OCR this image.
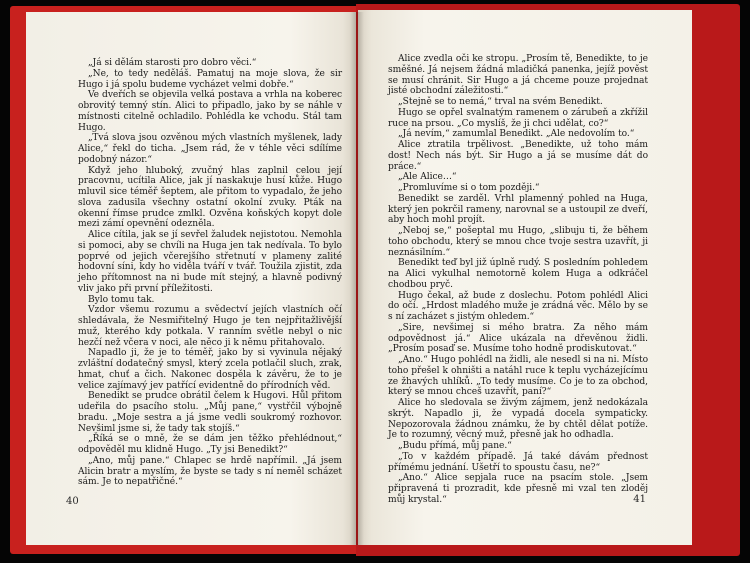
„Já si dělám starosti pro dobro věci.“

„Ne, to tedy neděláš. Pamatuj na moje slova, že sir Hugo i já spolu budeme vycházet velmi dobře.“

Ve dveřích se objevila velká postava a vrhla na koberec obrovitý temný stín. Alici to připadlo, jako by se náhle v místnosti citelně ochladilo. Pohlédla ke vchodu. Stál tam Hugo.

„Tvá slova jsou ozvěnou mých vlastních myšlenek, lady Alice,“ řekl do ticha. „Jsem rád, že v téhle věci sdílíme podobný názor.“

Když jeho hluboký, zvučný hlas zaplnil celou její pracovnu, ucítila Alice, jak jí naskakuje husí kůže. Hugo mluvil sice téměř šeptem, ale přitom to vypadalo, že jeho slova zadusila všechny ostatní okolní zvuky. Pták na okenní římse prudce zmlkl. Ozvěna koňských kopyt dole mezi zámí opevnění odezněla.

Alice cítila, jak se jí sevřel žaludek nejistotou. Nemohla si pomoci, aby se chvíli na Huga jen tak nedívala. To bylo poprvé od jejich včerejšího střetnutí v plameny zalité hodovní síni, kdy ho viděla tváří v tvář. Toužila zjistit, zda jeho přítomnost na ni bude mít stejný, a hlavně podivný vliv jako při první příležitosti.

Bylo tomu tak.

Vzdor všemu rozumu a svědectví jejích vlastních očí shledávala, že Nesmiřitelný Hugo je ten nejpřitažlivější muž, kterého kdy potkala. V ranním světle nebyl o nic hezčí než včera v noci, ale něco ji k němu přitahovalo.

Napadlo ji, že je to téměř, jako by si vyvinula nějaký zvláštní dodatečný smysl, který zcela potlačil sluch, zrak, hmat, chuť a čich. Nakonec dospěla k závěru, že to je velice zajímavý jev patřící evidentně do přírodních věd.

Benedikt se prudce obrátil čelem k Hugovi. Hůl přitom udeřila do psacího stolu. „Můj pane,“ vystřčil výbojně bradu. „Moje sestra a já jsme vedli soukromý rozhovor. Nevšiml jsme si, že tady tak stojíš.“

„Říká se o mně, že se dám jen těžko přehlédnout,“ odpověděl mu klidně Hugo. „Ty jsi Benedikt?“

„Ano, můj pane.“ Chlapec se hrdě napřímil. „Já jsem Alicin bratr a myslím, že byste se tady s ní neměl scházet sám. Je to nepatřičné.“

40

Alice zvedla oči ke stropu. „Prosím tě, Benedikte, to je směšné. Já nejsem žádná mladičká panenka, jejíž pověst se musí chránit. Sir Hugo a já chceme pouze projednat jisté obchodní záležitosti.“

„Stejně se to nemá,“ trval na svém Benedikt.

Hugo se opřel svalnatým ramenem o zárubeň a zkřížil ruce na prsou. „Co myslíš, že ji chci udělat, co?“

„Já nevím,“ zamumlal Benedikt. „Ale nedovolím to.“

Alice ztratila trpělivost. „Benedikte, už toho mám dost! Nech nás být. Sir Hugo a já se musíme dát do práce.“

„Ale Alice…“

„Promluvíme si o tom později.“

Benedikt se zarděl. Vrhl plamenný pohled na Huga, který jen pokrčil rameny, narovnal se a ustoupil ze dveří, aby hoch mohl projít.

„Neboj se,“ pošeptal mu Hugo, „slibuju ti, že během toho obchodu, který se mnou chce tvoje sestra uzavřít, ji neznásilním.“

Benedikt teď byl již úplně rudý. S posledním pohledem na Alici vykulhal nemotorně kolem Huga a odkráčel chodbou pryč.

Hugo čekal, až bude z doslechu. Potom pohlédl Alici do očí. „Hrdost mladého muže je zrádná věc. Mělo by se s ní zacházet s jistým ohledem.“

„Sire, nevšimej si mého bratra. Za něho mám odpovědnost já.“ Alice ukázala na dřevěnou židli. „Prosím posaď se. Musíme toho hodně prodiskutovat.“

„Ano.“ Hugo pohlédl na židli, ale nesedl si na ni. Místo toho přešel k ohništi a natáhl ruce k teplu vycházejícímu ze žhavých uhlíků. „To tedy musíme. Co je to za obchod, který se mnou chceš uzavřít, paní?“

Alice ho sledovala se živým zájmem, jenž nedokázala skrýt. Napadlo ji, že vypadá docela sympaticky. Nepozorovala žádnou známku, že by chtěl dělat potíže. Je to rozumný, věcný muž, přesně jak ho odhadla.

„Budu přímá, můj pane.“

„To v každém případě. Já také dávám přednost přímému jednání. Ušetří to spoustu času, ne?“

„Ano.“ Alice sepjala ruce na psacím stole. „Jsem připravená ti prozradit, kde přesně mi vzal ten zloděj můj krystal.“	41
